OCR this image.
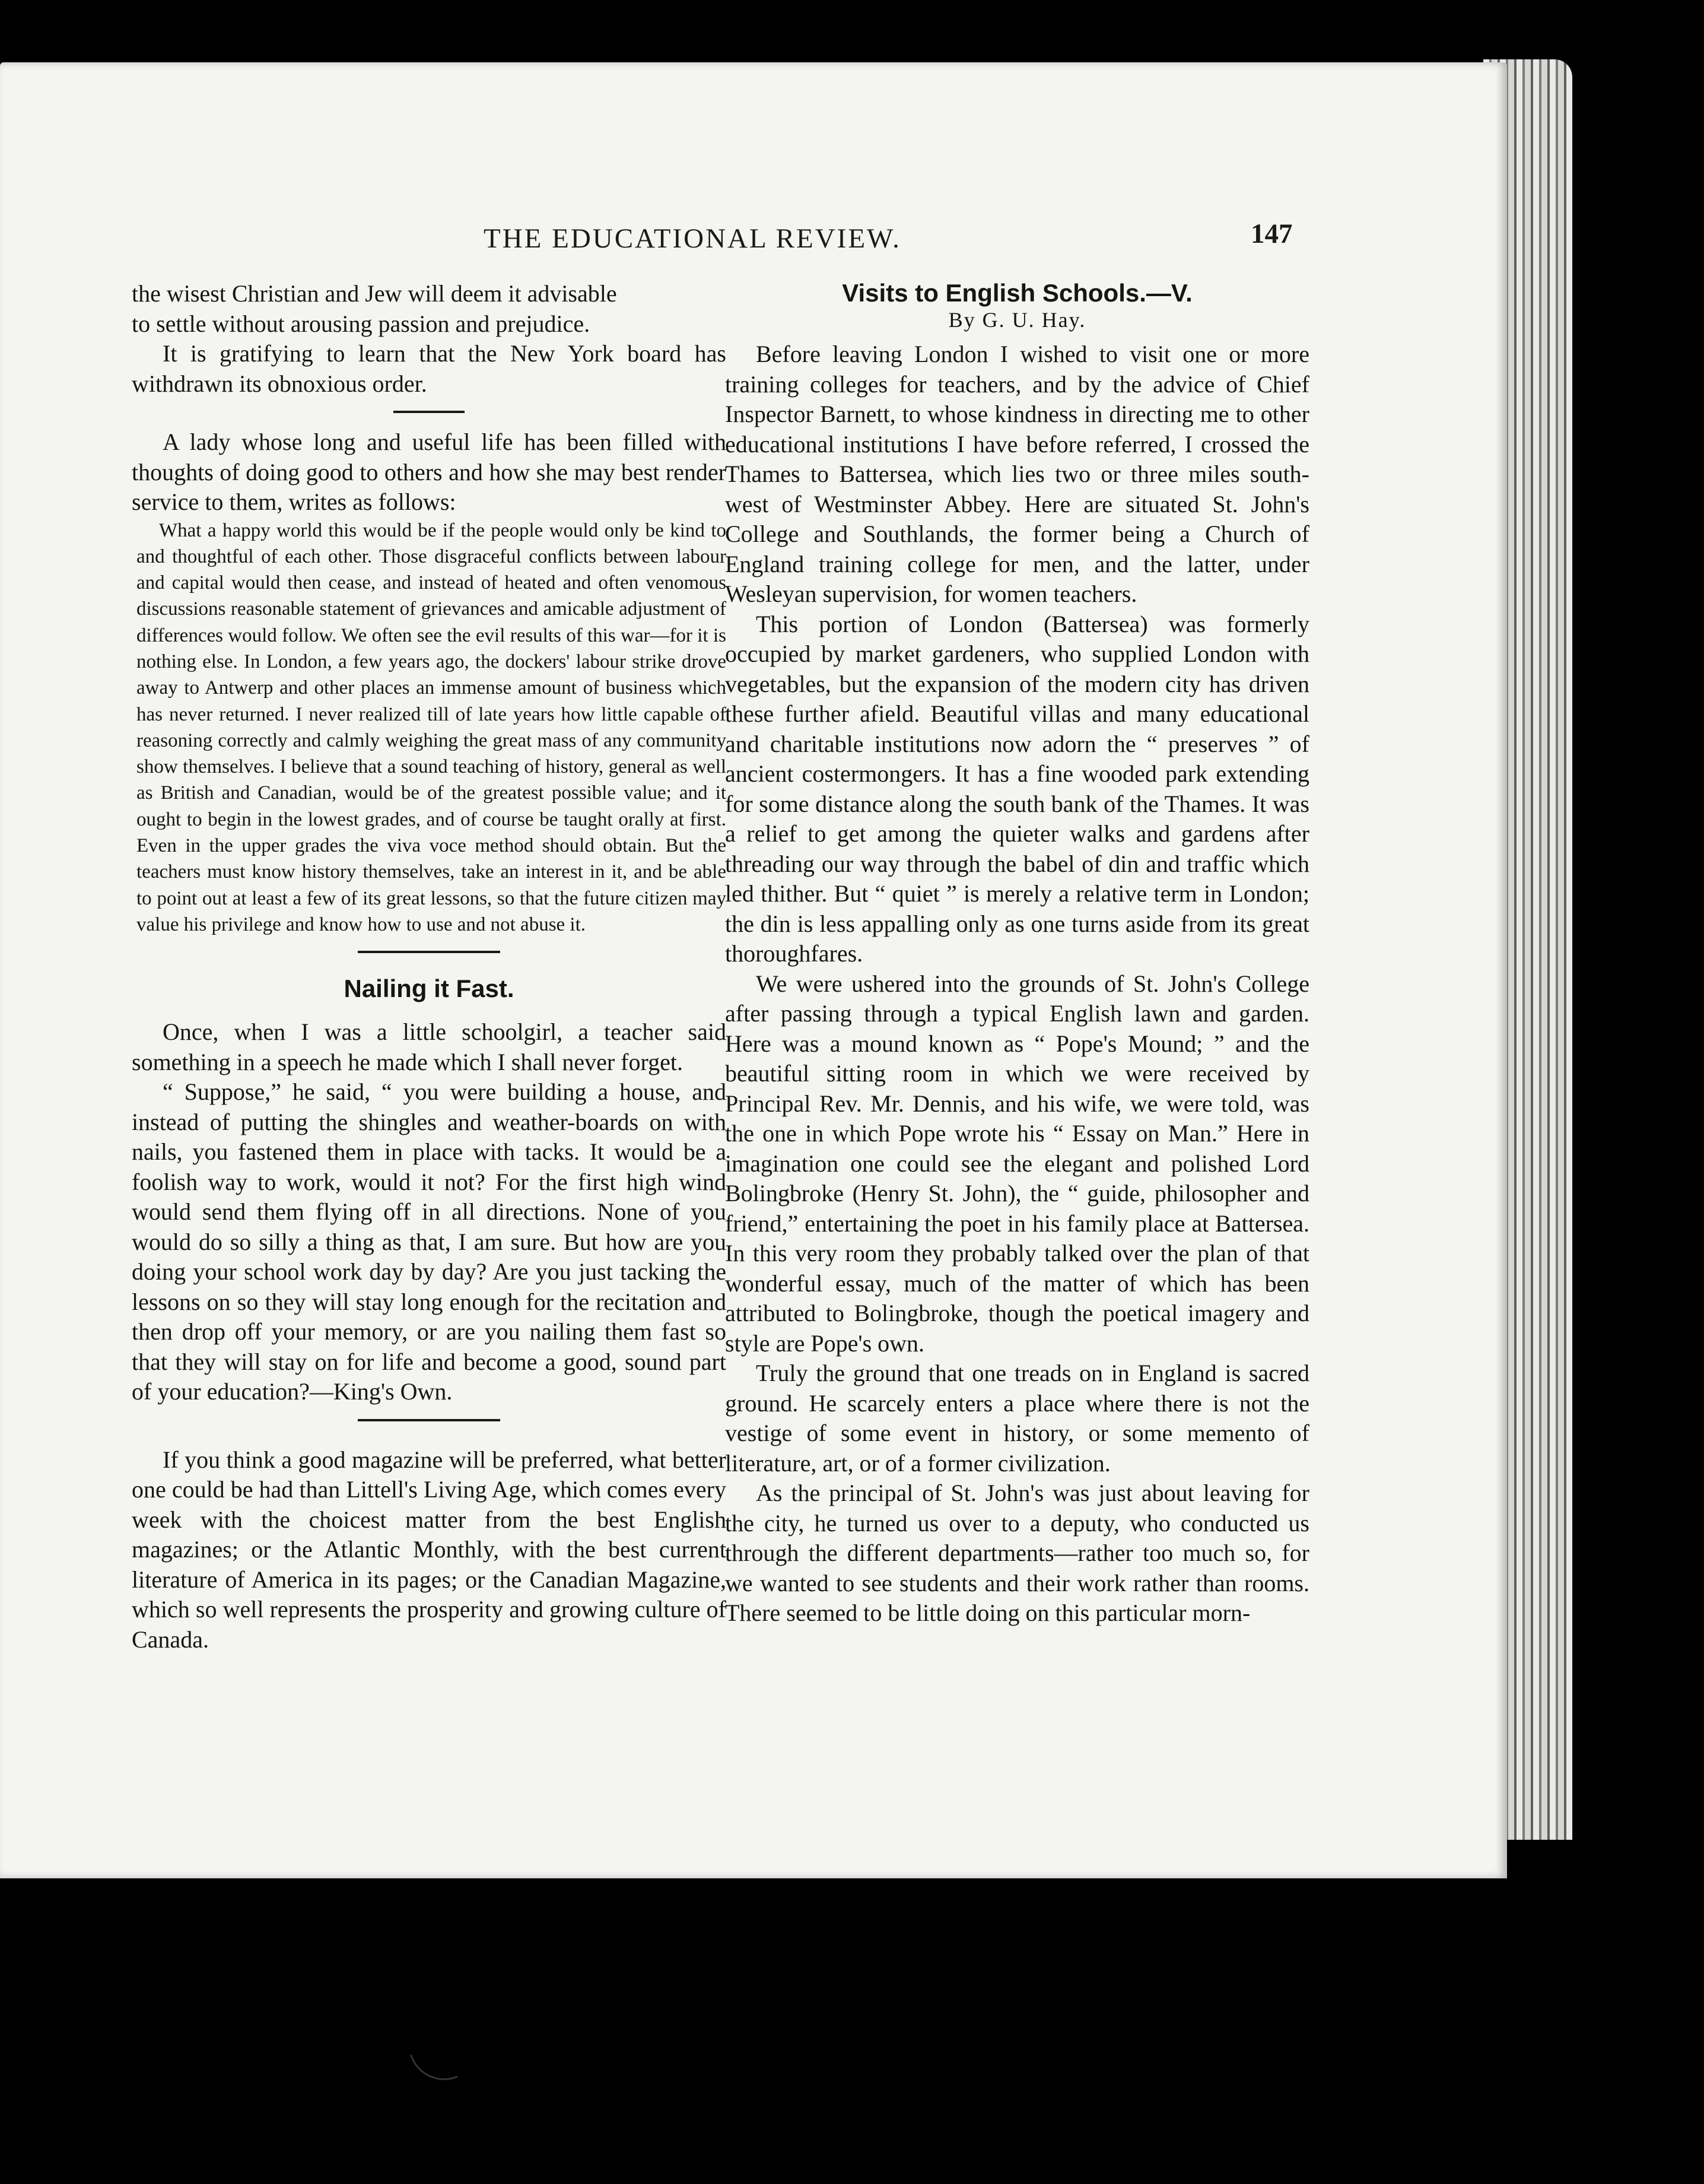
THE EDUCATIONAL REVIEW.	147

the wisest Christian and Jew will deem it advisable

to settle without arousing passion and prejudice.

It is gratifying to learn that the New York board has withdrawn its obnoxious order.

A lady whose long and useful life has been filled with thoughts of doing good to others and how she may best render service to them, writes as follows:

What a happy world this would be if the people would only be kind to and thoughtful of each other. Those disgraceful conflicts between labour and capital would then cease, and instead of heated and often venomous discussions reasonable statement of grievances and amicable adjustment of differences would follow. We often see the evil results of this war—for it is nothing else. In London, a few years ago, the dockers' labour strike drove away to Antwerp and other places an immense amount of business which has never returned. I never realized till of late years how little capable of reasoning correctly and calmly weighing the great mass of any community show themselves. I believe that a sound teaching of history, general as well as British and Canadian, would be of the greatest possible value; and it ought to begin in the lowest grades, and of course be taught orally at first. Even in the upper grades the viva voce method should obtain. But the teachers must know history themselves, take an interest in it, and be able to point out at least a few of its great lessons, so that the future citizen may value his privilege and know how to use and not abuse it.

Nailing it Fast.

Once, when I was a little schoolgirl, a teacher said something in a speech he made which I shall never forget.

“ Suppose,” he said, “ you were building a house, and instead of putting the shingles and weather-boards on with nails, you fastened them in place with tacks. It would be a foolish way to work, would it not? For the first high wind would send them flying off in all directions. None of you would do so silly a thing as that, I am sure. But how are you doing your school work day by day? Are you just tacking the lessons on so they will stay long enough for the recitation and then drop off your memory, or are you nailing them fast so that they will stay on for life and become a good, sound part of your education?—King's Own.

If you think a good magazine will be preferred, what better one could be had than Littell's Living Age, which comes every week with the choicest matter from the best English magazines; or the Atlantic Monthly, with the best current literature of America in its pages; or the Canadian Magazine, which so well represents the prosperity and growing culture of Canada.

Visits to English Schools.—V.

By G. U. Hay.

Before leaving London I wished to visit one or more training colleges for teachers, and by the advice of Chief Inspector Barnett, to whose kindness in directing me to other educational institutions I have before referred, I crossed the Thames to Battersea, which lies two or three miles south-west of Westminster Abbey. Here are situated St. John's College and Southlands, the former being a Church of England training college for men, and the latter, under Wesleyan supervision, for women teachers.

This portion of London (Battersea) was formerly occupied by market gardeners, who supplied London with vegetables, but the expansion of the modern city has driven these further afield. Beautiful villas and many educational and charitable institutions now adorn the “ preserves ” of ancient costermongers. It has a fine wooded park extending for some distance along the south bank of the Thames. It was a relief to get among the quieter walks and gardens after threading our way through the babel of din and traffic which led thither. But “ quiet ” is merely a relative term in London; the din is less appalling only as one turns aside from its great thoroughfares.

We were ushered into the grounds of St. John's College after passing through a typical English lawn and garden. Here was a mound known as “ Pope's Mound; ” and the beautiful sitting room in which we were received by Principal Rev. Mr. Dennis, and his wife, we were told, was the one in which Pope wrote his “ Essay on Man.” Here in imagination one could see the elegant and polished Lord Bolingbroke (Henry St. John), the “ guide, philosopher and friend,” entertaining the poet in his family place at Battersea. In this very room they probably talked over the plan of that wonderful essay, much of the matter of which has been attributed to Bolingbroke, though the poetical imagery and style are Pope's own.

Truly the ground that one treads on in England is sacred ground. He scarcely enters a place where there is not the vestige of some event in history, or some memento of literature, art, or of a former civilization.

As the principal of St. John's was just about leaving for the city, he turned us over to a deputy, who conducted us through the different departments—rather too much so, for we wanted to see students and their work rather than rooms. There seemed to be little doing on this particular morn-
